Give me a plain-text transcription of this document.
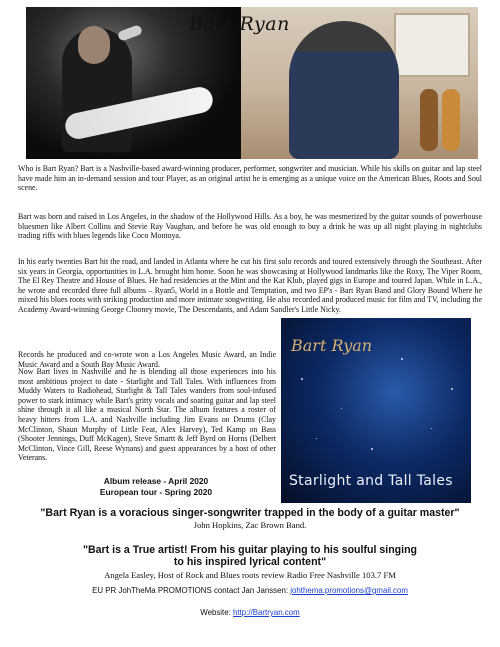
Bart Ryan
Who is Bart Ryan? Bart is a Nashville-based award-winning producer, performer, songwriter and musician. While his skills on guitar and lap steel have made him an in-demand session and tour Player, as an original artist he is emerging as a unique voice on the American Blues, Roots and Soul scene.
Bart was born and raised in Los Angeles, in the shadow of the Hollywood Hills. As a boy, he was mesmerized by the guitar sounds of powerhouse bluesmen like Albert Collins and Stevie Ray Vaughan, and before he was old enough to buy a drink he was up all night playing in nightclubs trading riffs with blues legends like Coco Montoya.
In his early twenties Bart hit the road, and landed in Atlanta where he cut his first solo records and toured extensively through the Southeast. After six years in Georgia, opportunities in L.A. brought him home. Soon he was showcasing at Hollywood landmarks like the Roxy, The Viper Room, The El Rey Theatre and House of Blues. He had residencies at the Mint and the Kat Klub, played gigs in Europe and toured Japan. While in L.A., he wrote and recorded three full albums – Ryan5, World in a Bottle and Temptation, and two EP's - Bart Ryan Band and Glory Bound Where he mixed his blues roots with striking production and more intimate songwriting. He also recorded and produced music for film and TV, including the Academy Award-winning George Clooney movie, The Descendants, and Adam Sandler's Little Nicky.
Records he produced and co-wrote won a Los Angeles Music Award, an Indie Music Award and a South Bay Music Award.
Now Bart lives in Nashville and he is blending all those experiences into his most ambitious project to date - Starlight and Tall Tales. With influences from Muddy Waters to Radiohead, Starlight & Tall Tales wanders from soul-infused power to stark intimacy while Bart's gritty vocals and soaring guitar and lap steel shine through it all like a musical North Star. The album features a roster of heavy hitters from L.A. and Nashville including Jim Evans on Drums (Clay McClinton, Shaun Murphy of Little Feat, Alex Harvey), Ted Kamp on Bass (Shooter Jennings, Duff McKagen), Steve Smartt & Jeff Byrd on Horns (Delbert McClinton, Vince Gill, Reese Wynans) and guest appearances by a host of other Veterans.
Bart Ryan
Starlight and Tall Tales
Album release - April 2020
European tour - Spring 2020
"Bart Ryan is a voracious singer-songwriter trapped in the body of a guitar master"
John Hopkins, Zac Brown Band.
"Bart is a True artist! From his guitar playing to his soulful singing
to his inspired lyrical content"
Angela Easley, Host of Rock and Blues roots review Radio Free Nashville 103.7 FM
EU PR JohTheMa PROMOTIONS contact Jan Janssen: johthema.promotions@gmail.com
Website: http://Bartryan.com
